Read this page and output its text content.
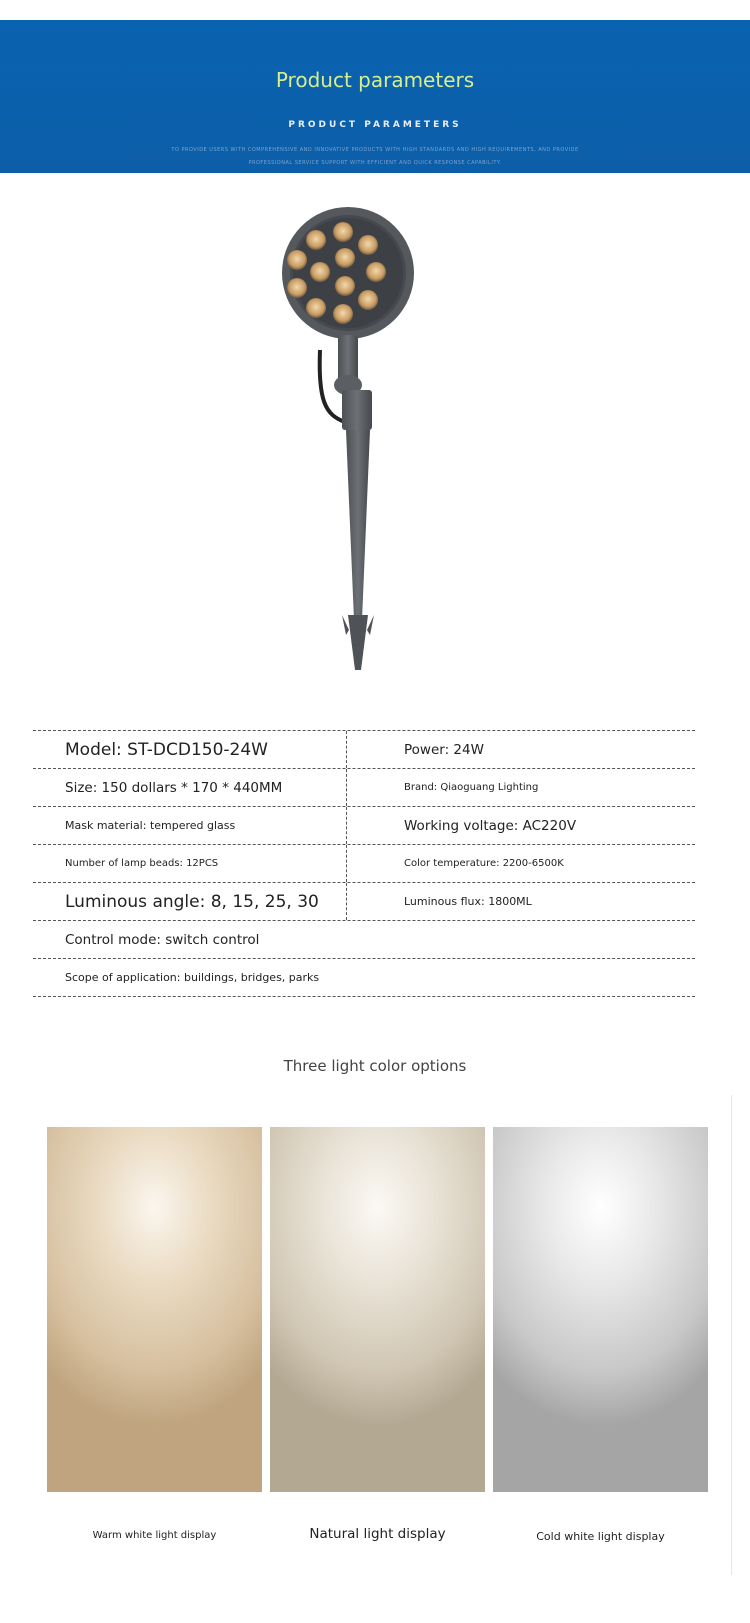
Product parameters
PRODUCT PARAMETERS
TO PROVIDE USERS WITH COMPREHENSIVE AND INNOVATIVE PRODUCTS WITH HIGH STANDARDS AND HIGH REQUIREMENTS, AND PROVIDE
PROFESSIONAL SERVICE SUPPORT WITH EFFICIENT AND QUICK RESPONSE CAPABILITY.
Model: ST-DCD150-24W	Power: 24W
Size: 150 dollars * 170 * 440MM	Brand: Qiaoguang Lighting
Mask material: tempered glass	Working voltage: AC220V
Number of lamp beads: 12PCS	Color temperature: 2200-6500K
Luminous angle: 8, 15, 25, 30	Luminous flux: 1800ML
Control mode: switch control
Scope of application: buildings, bridges, parks
Three light color options
Warm white light display	Natural light display	Cold white light display
